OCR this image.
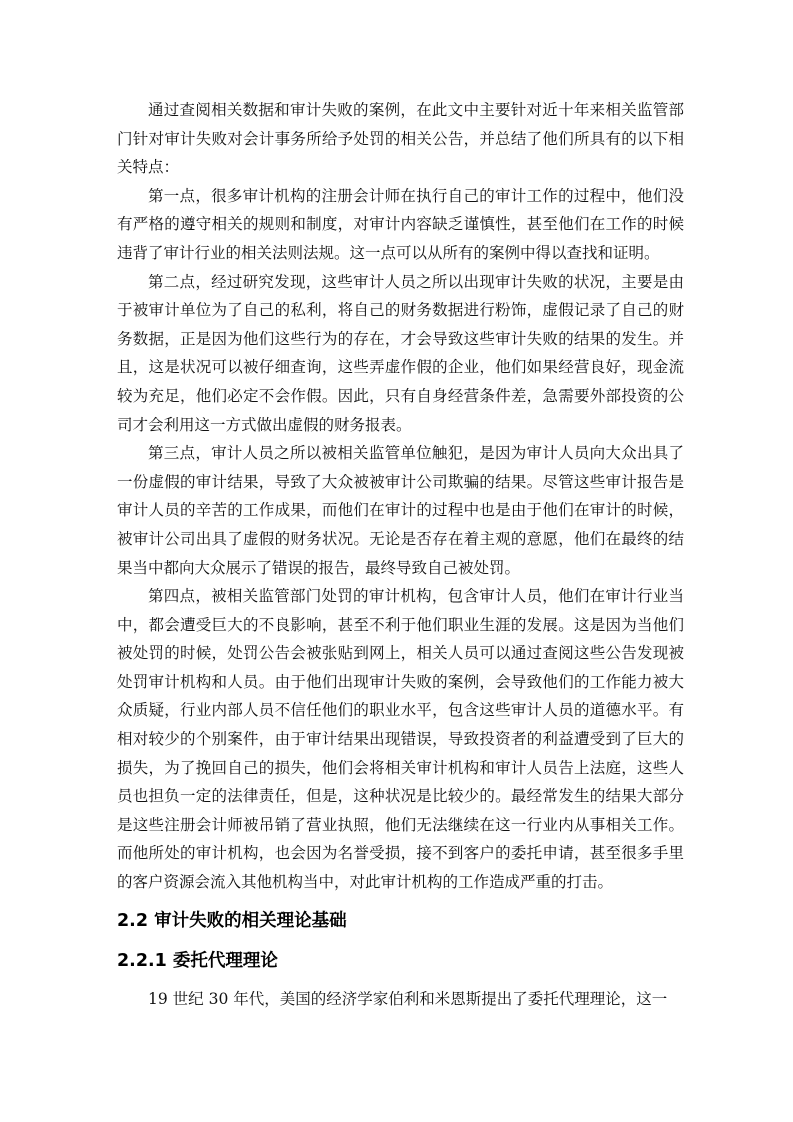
通过查阅相关数据和审计失败的案例，在此文中主要针对近十年来相关监管部门针对审计失败对会计事务所给予处罚的相关公告，并总结了他们所具有的以下相关特点：

第一点，很多审计机构的注册会计师在执行自己的审计工作的过程中，他们没有严格的遵守相关的规则和制度，对审计内容缺乏谨慎性，甚至他们在工作的时候违背了审计行业的相关法则法规。这一点可以从所有的案例中得以查找和证明。

第二点，经过研究发现，这些审计人员之所以出现审计失败的状况，主要是由于被审计单位为了自己的私利，将自己的财务数据进行粉饰，虚假记录了自己的财务数据，正是因为他们这些行为的存在，才会导致这些审计失败的结果的发生。并且，这是状况可以被仔细查询，这些弄虚作假的企业，他们如果经营良好，现金流较为充足，他们必定不会作假。因此，只有自身经营条件差，急需要外部投资的公司才会利用这一方式做出虚假的财务报表。

第三点，审计人员之所以被相关监管单位触犯，是因为审计人员向大众出具了一份虚假的审计结果，导致了大众被被审计公司欺骗的结果。尽管这些审计报告是审计人员的辛苦的工作成果，而他们在审计的过程中也是由于他们在审计的时候，被审计公司出具了虚假的财务状况。无论是否存在着主观的意愿，他们在最终的结果当中都向大众展示了错误的报告，最终导致自己被处罚。

第四点，被相关监管部门处罚的审计机构，包含审计人员，他们在审计行业当中，都会遭受巨大的不良影响，甚至不利于他们职业生涯的发展。这是因为当他们被处罚的时候，处罚公告会被张贴到网上，相关人员可以通过查阅这些公告发现被处罚审计机构和人员。由于他们出现审计失败的案例，会导致他们的工作能力被大众质疑，行业内部人员不信任他们的职业水平，包含这些审计人员的道德水平。有相对较少的个别案件，由于审计结果出现错误，导致投资者的利益遭受到了巨大的损失，为了挽回自己的损失，他们会将相关审计机构和审计人员告上法庭，这些人员也担负一定的法律责任，但是，这种状况是比较少的。最经常发生的结果大部分是这些注册会计师被吊销了营业执照，他们无法继续在这一行业内从事相关工作。而他所处的审计机构，也会因为名誉受损，接不到客户的委托申请，甚至很多手里的客户资源会流入其他机构当中，对此审计机构的工作造成严重的打击。

2.2 审计失败的相关理论基础
2.2.1 委托代理理论

19 世纪 30 年代，美国的经济学家伯利和米恩斯提出了委托代理理论，这一
